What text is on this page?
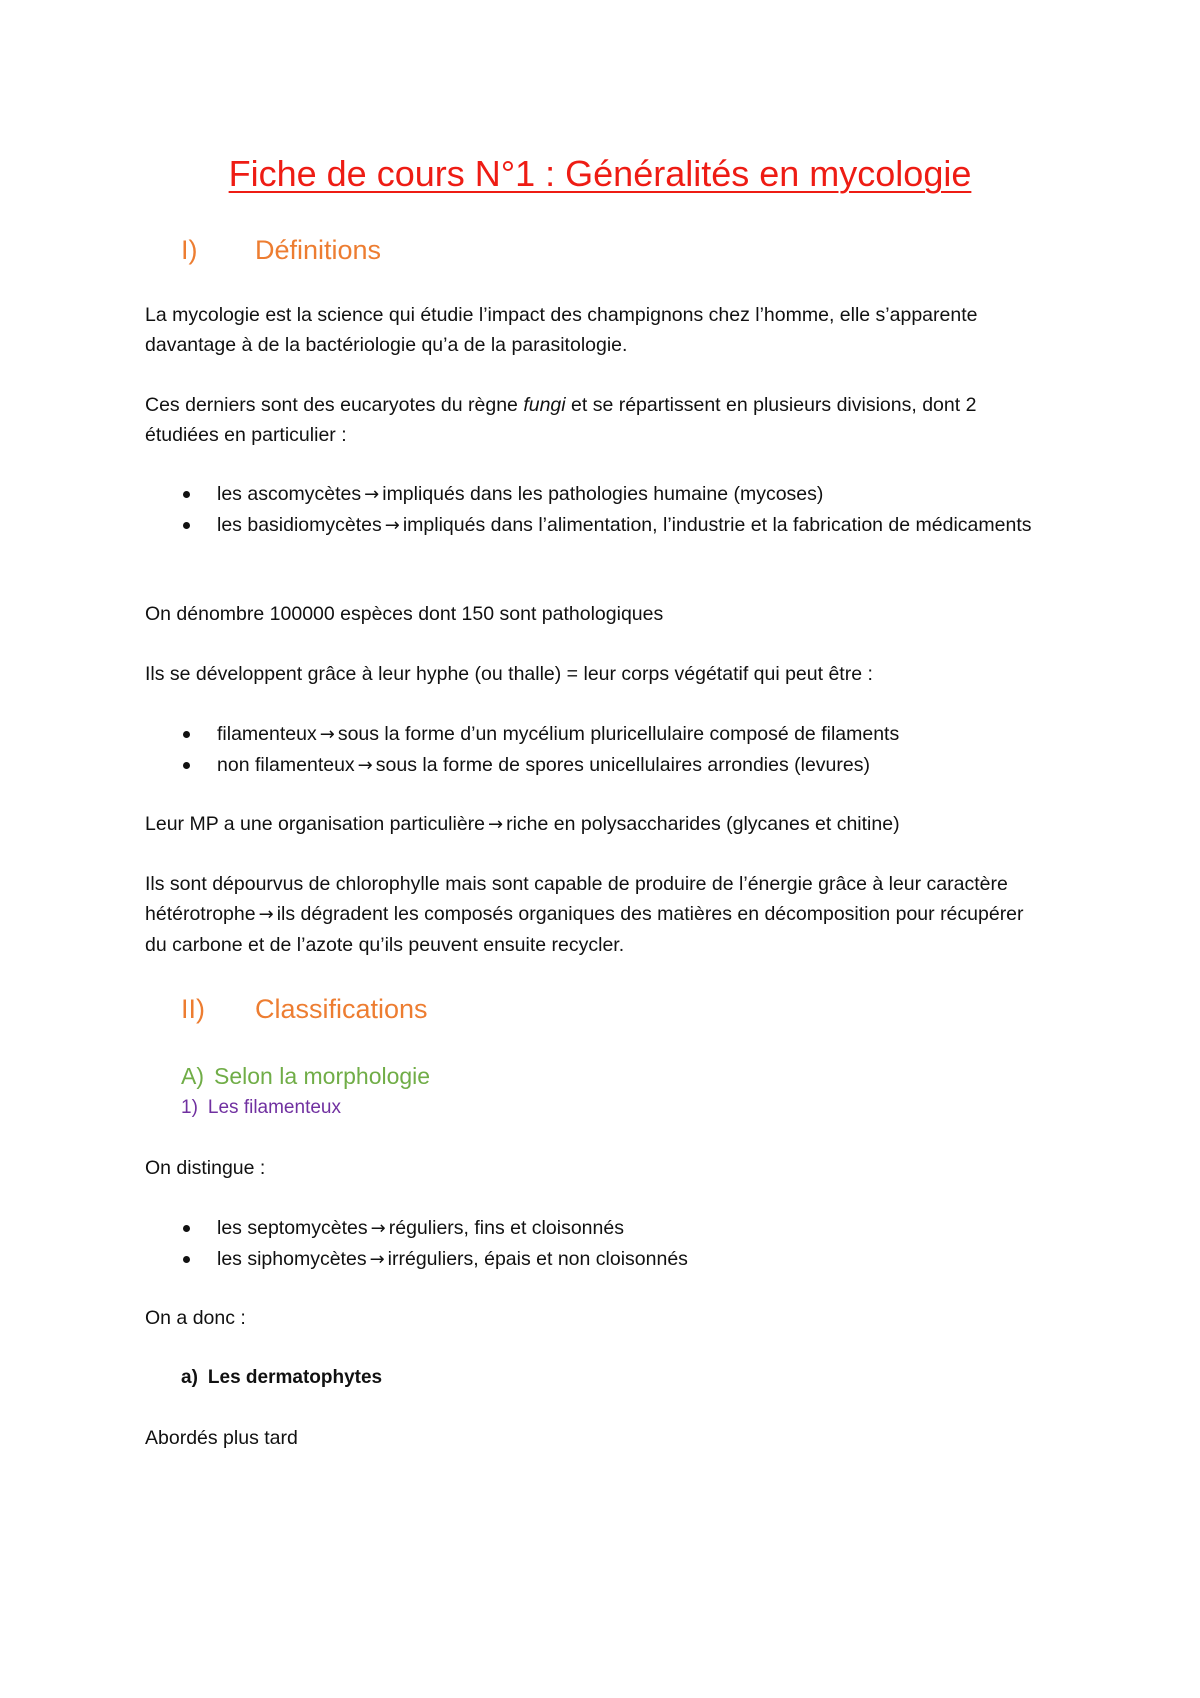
Fiche de cours N°1 : Généralités en mycologie
I) Définitions

La mycologie est la science qui étudie l’impact des champignons chez l’homme, elle s’apparente davantage à de la bactériologie qu’a de la parasitologie.

Ces derniers sont des eucaryotes du règne fungi et se répartissent en plusieurs divisions, dont 2 étudiées en particulier :

les ascomycètes → impliqués dans les pathologies humaine (mycoses)
les basidiomycètes → impliqués dans l’alimentation, l’industrie et la fabrication de médicaments

On dénombre 100000 espèces dont 150 sont pathologiques

Ils se développent grâce à leur hyphe (ou thalle) = leur corps végétatif qui peut être :

filamenteux → sous la forme d’un mycélium pluricellulaire composé de filaments
non filamenteux → sous la forme de spores unicellulaires arrondies (levures)

Leur MP a une organisation particulière → riche en polysaccharides (glycanes et chitine)

Ils sont dépourvus de chlorophylle mais sont capable de produire de l’énergie grâce à leur caractère hétérotrophe → ils dégradent les composés organiques des matières en décomposition pour récupérer du carbone et de l’azote qu’ils peuvent ensuite recycler.

II) Classifications
A) Selon la morphologie
1) Les filamenteux

On distingue :

les septomycètes → réguliers, fins et cloisonnés
les siphomycètes → irréguliers, épais et non cloisonnés

On a donc :

a) Les dermatophytes

Abordés plus tard
